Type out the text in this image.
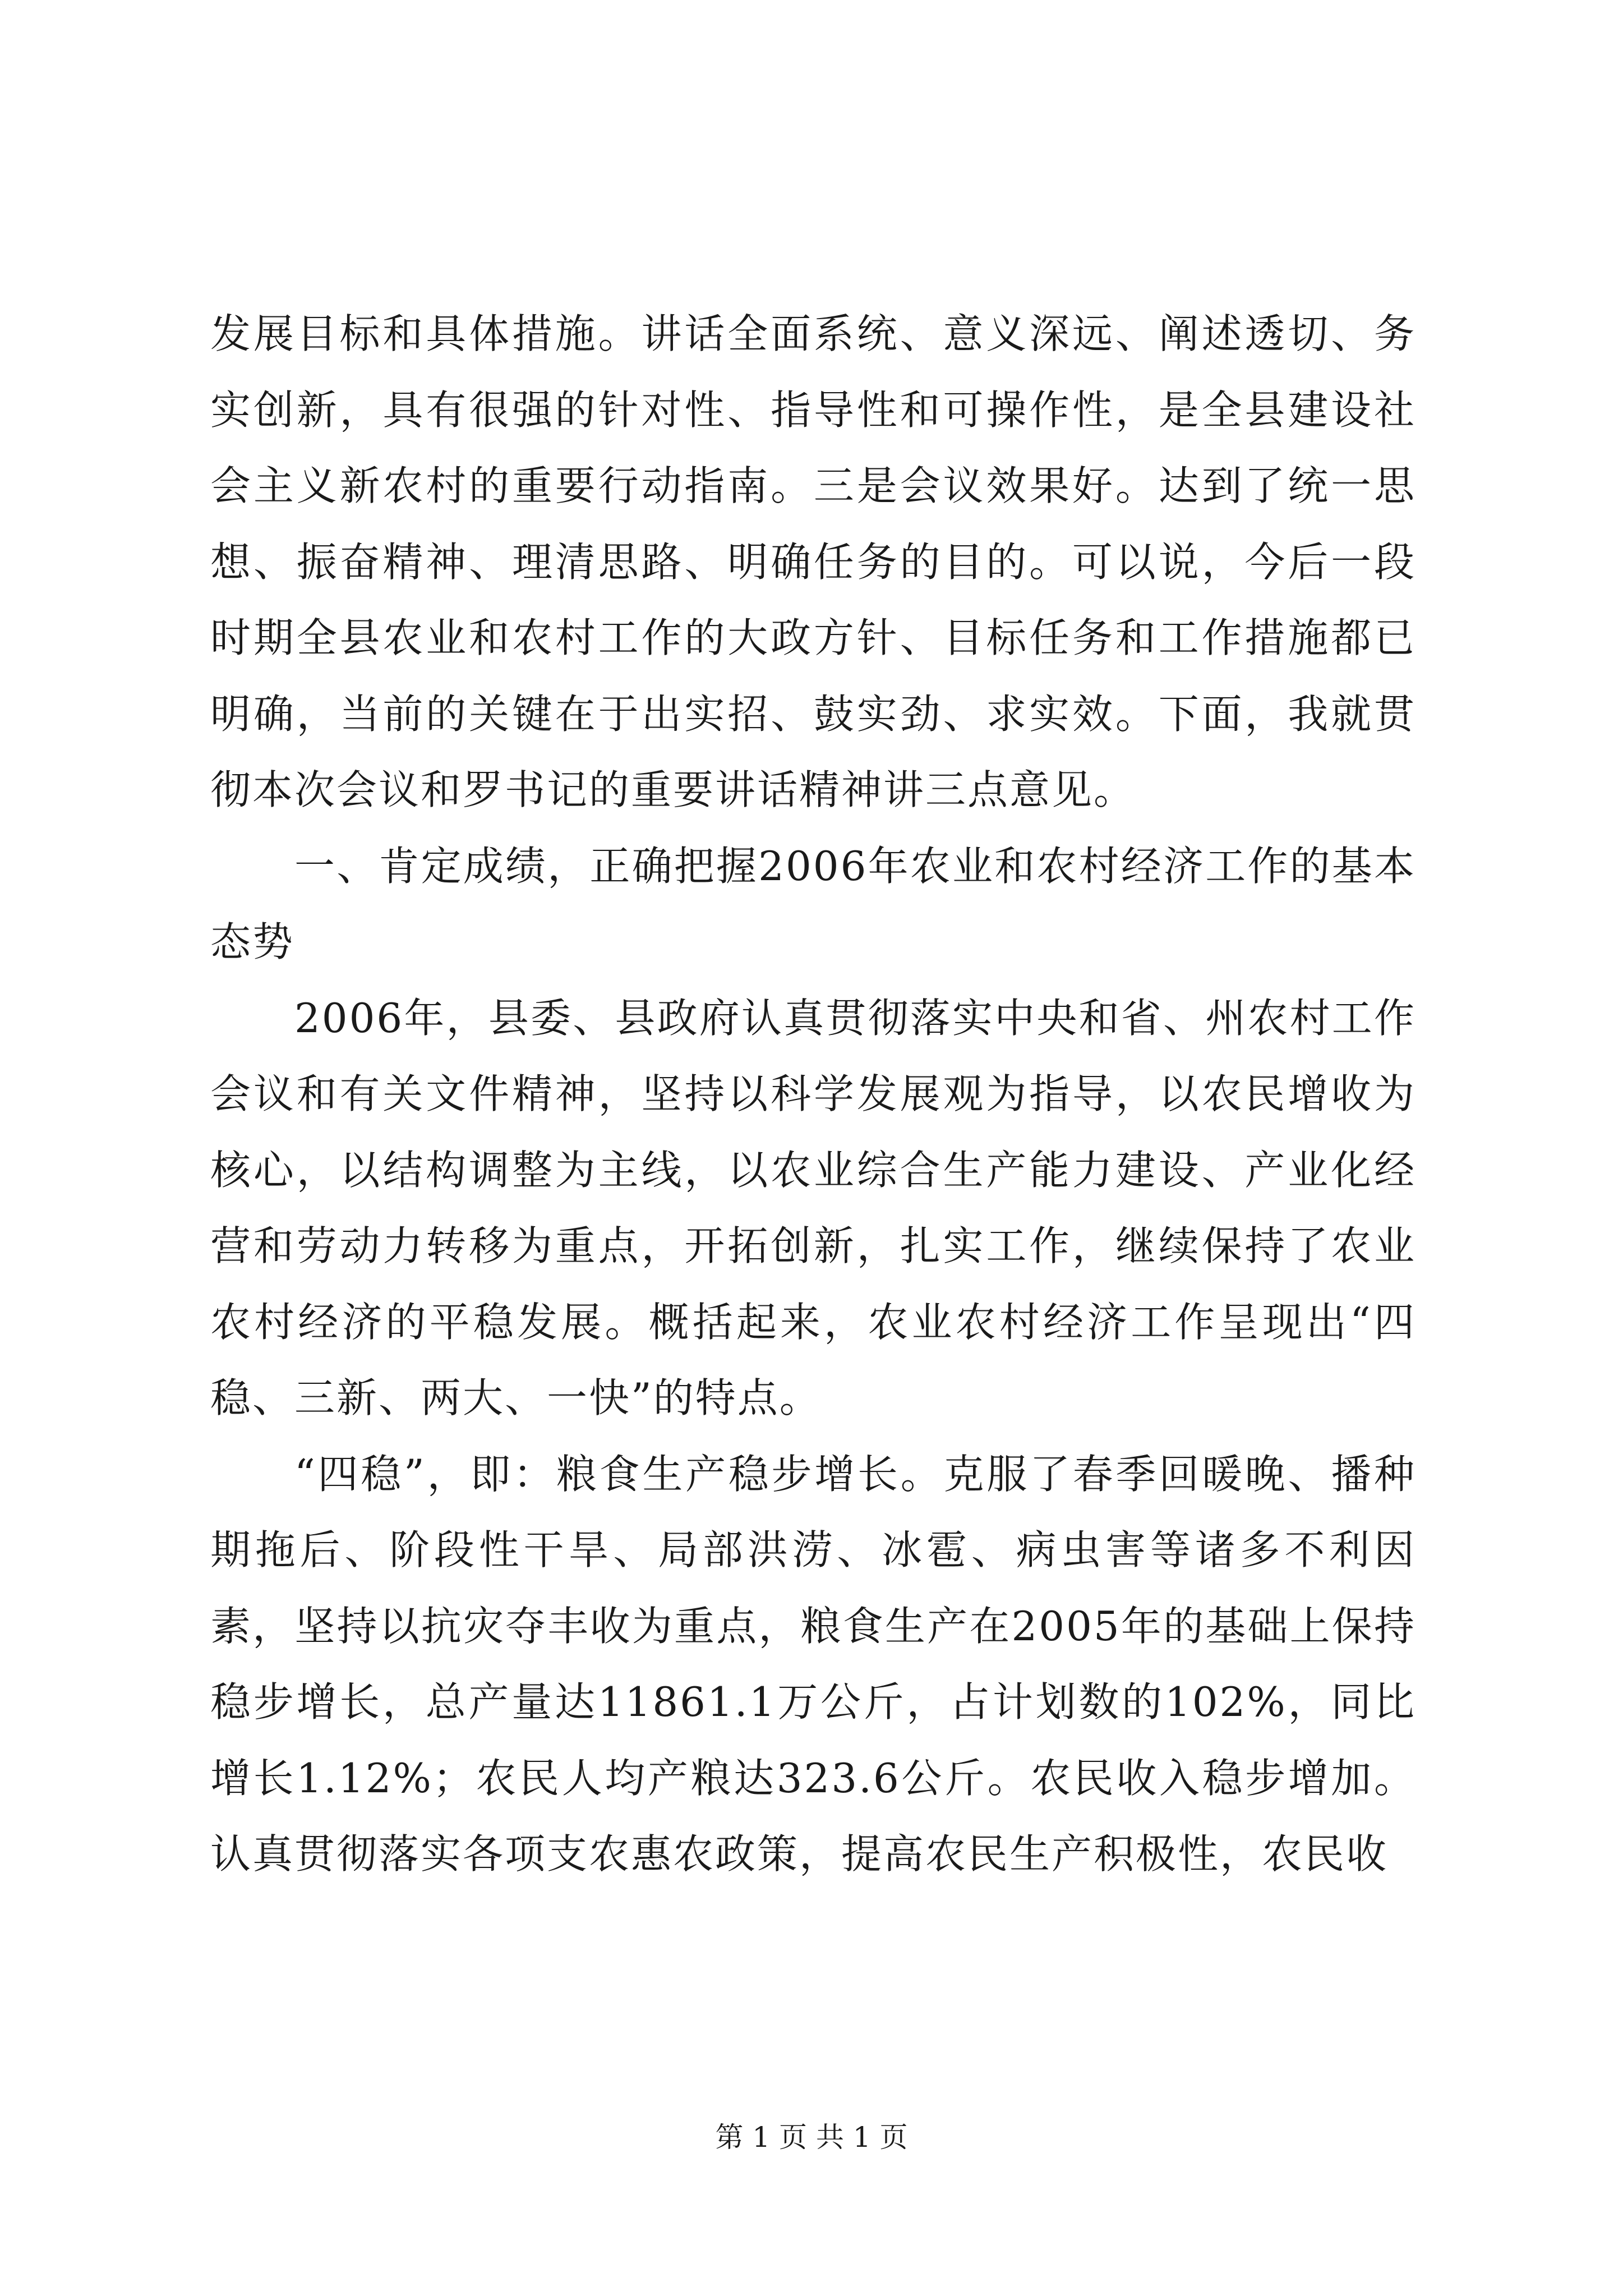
发展目标和具体措施。讲话全面系统、意义深远、阐述透切、务实创新，具有很强的针对性、指导性和可操作性，是全县建设社会主义新农村的重要行动指南。三是会议效果好。达到了统一思想、振奋精神、理清思路、明确任务的目的。可以说，今后一段时期全县农业和农村工作的大政方针、目标任务和工作措施都已明确，当前的关键在于出实招、鼓实劲、求实效。下面，我就贯彻本次会议和罗书记的重要讲话精神讲三点意见。

一、肯定成绩，正确把握2006年农业和农村经济工作的基本态势

2006年，县委、县政府认真贯彻落实中央和省、州农村工作会议和有关文件精神，坚持以科学发展观为指导，以农民增收为核心，以结构调整为主线，以农业综合生产能力建设、产业化经营和劳动力转移为重点，开拓创新，扎实工作，继续保持了农业农村经济的平稳发展。概括起来，农业农村经济工作呈现出“四稳、三新、两大、一快”的特点。

“四稳”，即：粮食生产稳步增长。克服了春季回暖晚、播种期拖后、阶段性干旱、局部洪涝、冰雹、病虫害等诸多不利因素，坚持以抗灾夺丰收为重点，粮食生产在2005年的基础上保持稳步增长，总产量达11861.1万公斤，占计划数的102%，同比增长1.12%；农民人均产粮达323.6公斤。农民收入稳步增加。认真贯彻落实各项支农惠农政策，提高农民生产积极性，农民收

第 1 页 共 1 页
